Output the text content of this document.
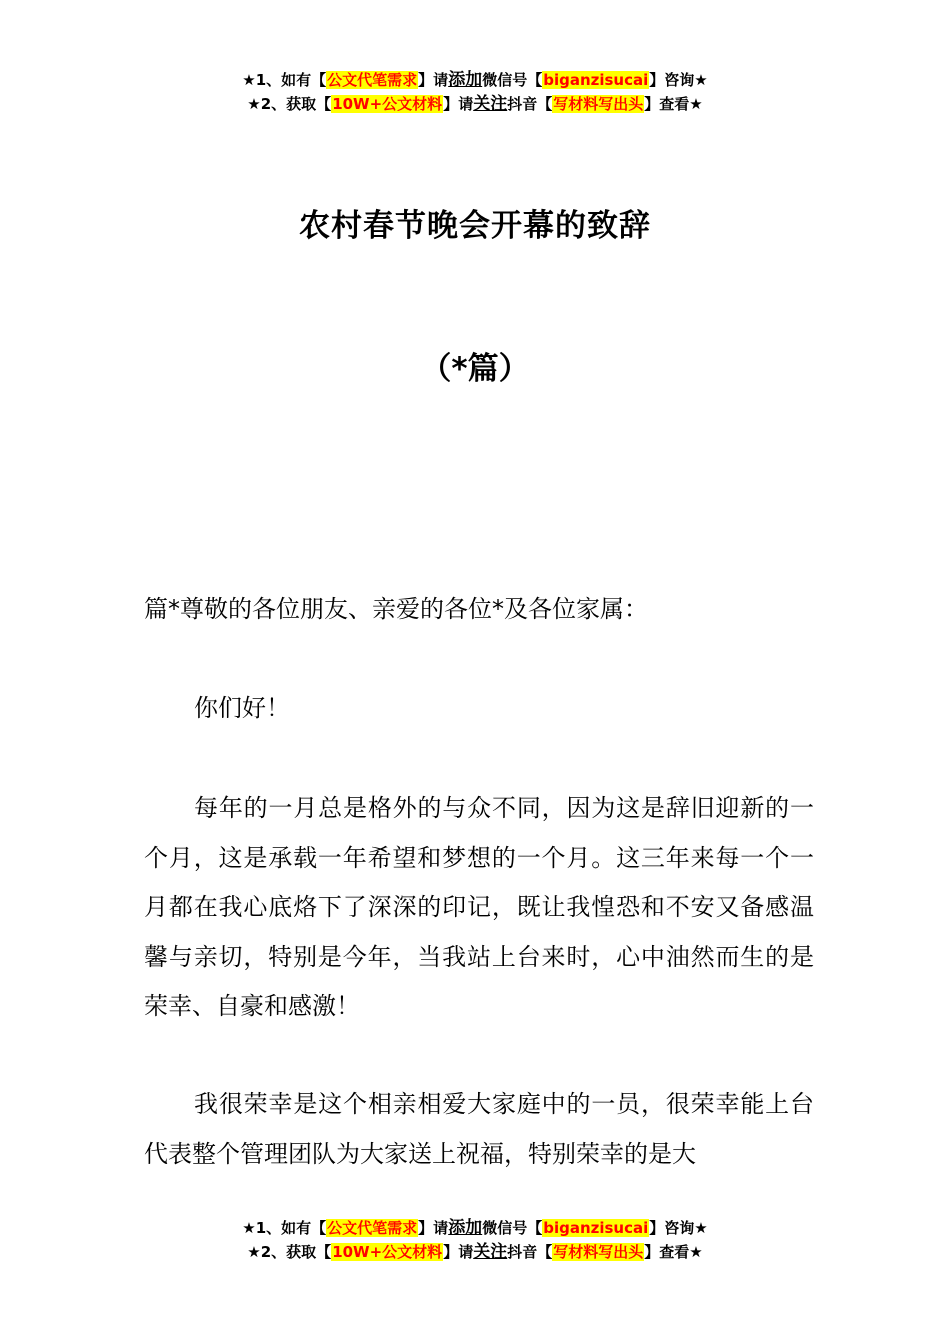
★1、如有【公文代笔需求】请添加微信号【biganzisucai】咨询★
★2、获取【10W+公文材料】请关注抖音【写材料写出头】查看★
农村春节晚会开幕的致辞
（*篇）

篇*尊敬的各位朋友、亲爱的各位*及各位家属：

你们好！

每年的一月总是格外的与众不同，因为这是辞旧迎新的一个月，这是承载一年希望和梦想的一个月。这三年来每一个一月都在我心底烙下了深深的印记，既让我惶恐和不安又备感温馨与亲切，特别是今年，当我站上台来时，心中油然而生的是荣幸、自豪和感激！

我很荣幸是这个相亲相爱大家庭中的一员，很荣幸能上台代表整个管理团队为大家送上祝福，特别荣幸的是大

★1、如有【公文代笔需求】请添加微信号【biganzisucai】咨询★
★2、获取【10W+公文材料】请关注抖音【写材料写出头】查看★
